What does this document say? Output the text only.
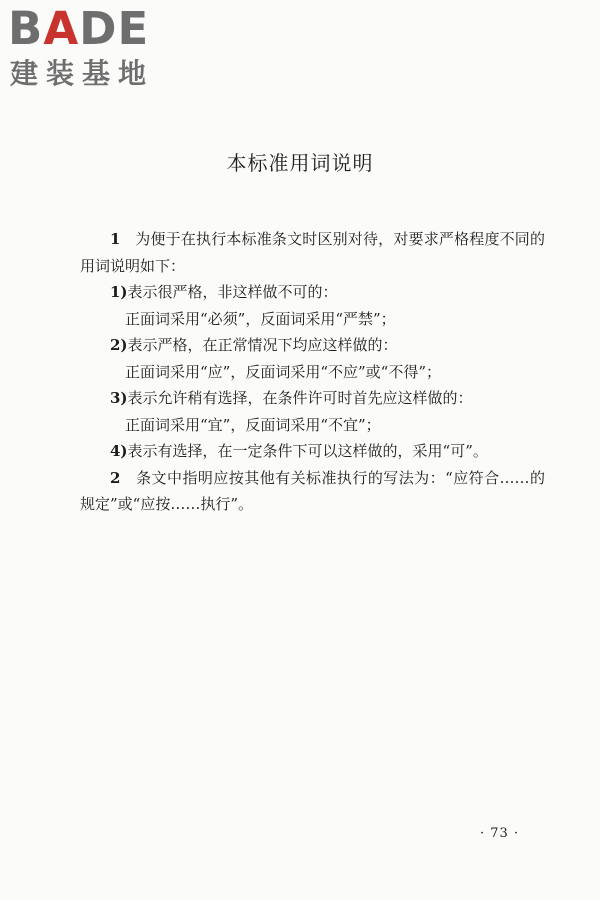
BADE
建装基地
本标准用词说明
1 为便于在执行本标准条文时区别对待，对要求严格程度不同的用词说明如下：
1)表示很严格，非这样做不可的：
正面词采用“必须”，反面词采用“严禁”；
2)表示严格，在正常情况下均应这样做的：
正面词采用“应”，反面词采用“不应”或“不得”；
3)表示允许稍有选择，在条件许可时首先应这样做的：
正面词采用“宜”，反面词采用“不宜”；
4)表示有选择，在一定条件下可以这样做的，采用“可”。
2 条文中指明应按其他有关标准执行的写法为：“应符合……的规定”或“应按……执行”。
· 73 ·
